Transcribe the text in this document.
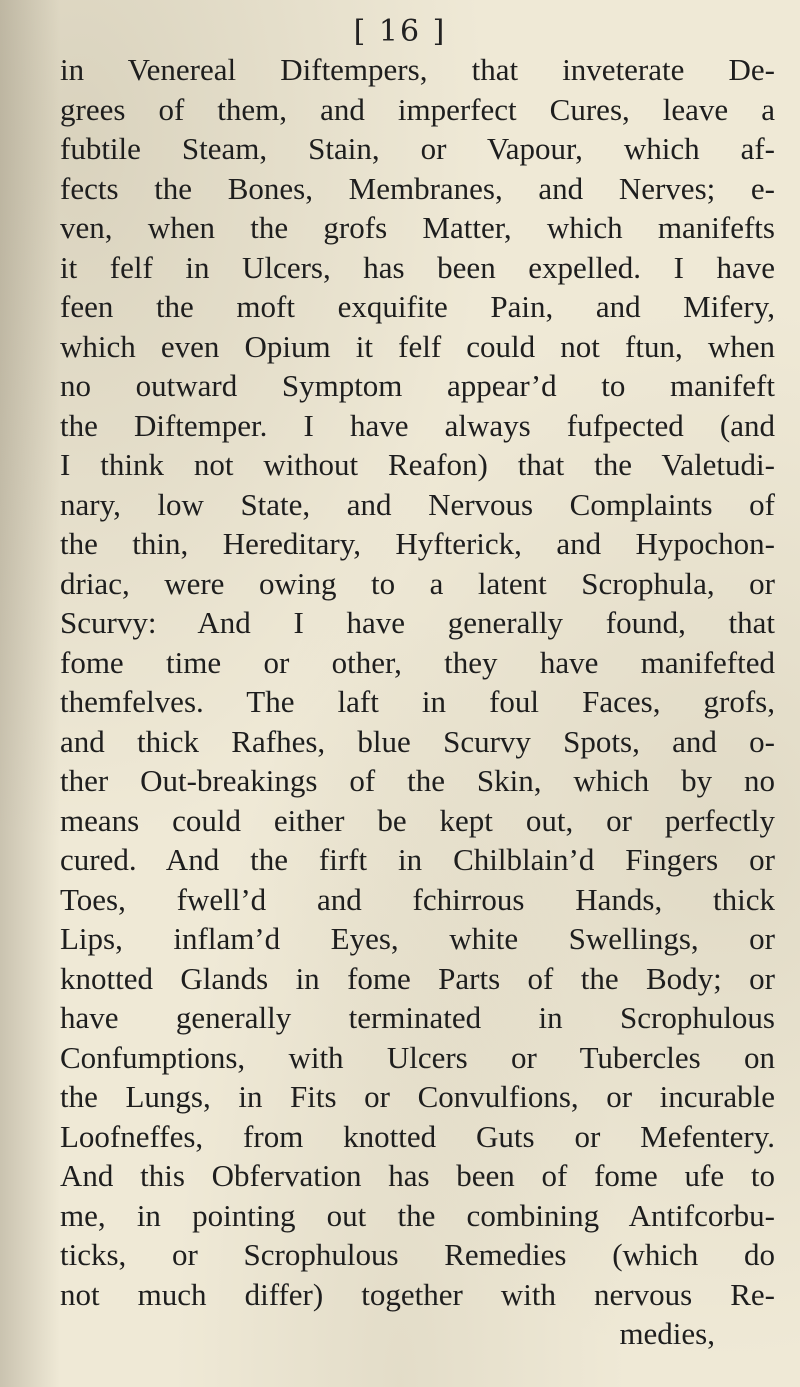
[ 16 ]
in Venereal Diftempers, that inveterate De-
grees of them, and imperfect Cures, leave a
fubtile Steam, Stain, or Vapour, which af-
fects the Bones, Membranes, and Nerves; e-
ven, when the grofs Matter, which manifefts
it felf in Ulcers, has been expelled. I have
feen the moft exquifite Pain, and Mifery,
which even Opium it felf could not ftun, when
no outward Symptom appear’d to manifeft
the Diftemper. I have always fufpected (and
I think not without Reafon) that the Valetudi-
nary, low State, and Nervous Complaints of
the thin, Hereditary, Hyfterick, and Hypochon-
driac, were owing to a latent Scrophula, or
Scurvy: And I have generally found, that
fome time or other, they have manifefted
themfelves. The laft in foul Faces, grofs,
and thick Rafhes, blue Scurvy Spots, and o-
ther Out-breakings of the Skin, which by no
means could either be kept out, or perfectly
cured. And the firft in Chilblain’d Fingers or
Toes, fwell’d and fchirrous Hands, thick
Lips, inflam’d Eyes, white Swellings, or
knotted Glands in fome Parts of the Body; or
have generally terminated in Scrophulous
Confumptions, with Ulcers or Tubercles on
the Lungs, in Fits or Convulfions, or incurable
Loofneffes, from knotted Guts or Mefentery.
And this Obfervation has been of fome ufe to
me, in pointing out the combining Antifcorbu-
ticks, or Scrophulous Remedies (which do
not much differ) together with nervous Re-
medies,
